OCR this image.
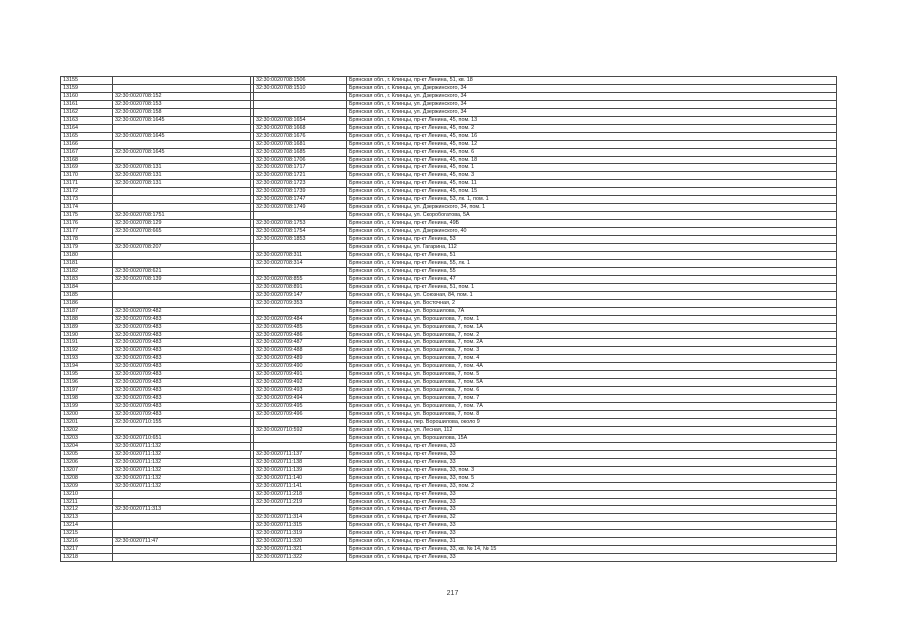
13155			32:30:0020708:1506	Брянская обл., г. Клинцы, пр-кт Ленина, 51, кв. 18
13159			32:30:0020708:1510	Брянская обл., г. Клинцы, ул. Дзержинского, 34
13160	32:30:0020708:152			Брянская обл., г. Клинцы, ул. Дзержинского, 34
13161	32:30:0020708:153			Брянская обл., г. Клинцы, ул. Дзержинского, 34
13162	32:30:0020708:158			Брянская обл., г. Клинцы, ул. Дзержинского, 34
13163	32:30:0020708:1645		32:30:0020708:1654	Брянская обл., г. Клинцы, пр-кт Ленина, 45, пом. 13
13164			32:30:0020708:1668	Брянская обл., г. Клинцы, пр-кт Ленина, 45, пом. 2
13165	32:30:0020708:1645		32:30:0020708:1676	Брянская обл., г. Клинцы, пр-кт Ленина, 45, пом. 16
13166			32:30:0020708:1681	Брянская обл., г. Клинцы, пр-кт Ленина, 45, пом. 12
13167	32:30:0020708:1645		32:30:0020708:1685	Брянская обл., г. Клинцы, пр-кт Ленина, 45, пом. 6
13168			32:30:0020708:1706	Брянская обл., г. Клинцы, пр-кт Ленина, 45, пом. 18
13169	32:30:0020708:131		32:30:0020708:1717	Брянская обл., г. Клинцы, пр-кт Ленина, 45, пом. 1
13170	32:30:0020708:131		32:30:0020708:1721	Брянская обл., г. Клинцы, пр-кт Ленина, 45, пом. 3
13171	32:30:0020708:131		32:30:0020708:1723	Брянская обл., г. Клинцы, пр-кт Ленина, 45, пом. 11
13172			32:30:0020708:1739	Брянская обл., г. Клинцы, пр-кт Ленина, 45, пом. 15
13173			32:30:0020708:1747	Брянская обл., г. Клинцы, пр-кт Ленина, 53, лк. 1, пом. 1
13174			32:30:0020708:1749	Брянская обл., г. Клинцы, ул. Дзержинского, 34, пом. 1
13175	32:30:0020708:1751			Брянская обл., г. Клинцы, ул. Скоробогатова, 5А
13176	32:30:0020708:129		32:30:0020708:1753	Брянская обл., г. Клинцы, пр-кт Ленина, 49Б
13177	32:30:0020708:665		32:30:0020708:1754	Брянская обл., г. Клинцы, ул. Дзержинского, 40
13178			32:30:0020708:1853	Брянская обл., г. Клинцы, пр-кт Ленина, 53
13179	32:30:0020708:207			Брянская обл., г. Клинцы, ул. Гагарина, 112
13180			32:30:0020708:311	Брянская обл., г. Клинцы, пр-кт Ленина, 51
13181			32:30:0020708:314	Брянская обл., г. Клинцы, пр-кт Ленина, 55, лк. 1
13182	32:30:0020708:621			Брянская обл., г. Клинцы, пр-кт Ленина, 55
13183	32:30:0020708:139		32:30:0020708:855	Брянская обл., г. Клинцы, пр-кт Ленина, 47
13184			32:30:0020708:891	Брянская обл., г. Клинцы, пр-кт Ленина, 51, пом. 1
13185			32:30:0020709:147	Брянская обл., г. Клинцы, ул. Союзная, 84, пом. 1
13186			32:30:0020709:353	Брянская обл., г. Клинцы, ул. Восточная, 2
13187	32:30:0020709:482			Брянская обл., г. Клинцы, ул. Ворошилова, 7А
13188	32:30:0020709:483		32:30:0020709:484	Брянская обл., г. Клинцы, ул. Ворошилова, 7, пом. 1
13189	32:30:0020709:483		32:30:0020709:485	Брянская обл., г. Клинцы, ул. Ворошилова, 7, пом. 1А
13190	32:30:0020709:483		32:30:0020709:486	Брянская обл., г. Клинцы, ул. Ворошилова, 7, пом. 2
13191	32:30:0020709:483		32:30:0020709:487	Брянская обл., г. Клинцы, ул. Ворошилова, 7, пом. 2А
13192	32:30:0020709:483		32:30:0020709:488	Брянская обл., г. Клинцы, ул. Ворошилова, 7, пом. 3
13193	32:30:0020709:483		32:30:0020709:489	Брянская обл., г. Клинцы, ул. Ворошилова, 7, пом. 4
13194	32:30:0020709:483		32:30:0020709:490	Брянская обл., г. Клинцы, ул. Ворошилова, 7, пом. 4А
13195	32:30:0020709:483		32:30:0020709:491	Брянская обл., г. Клинцы, ул. Ворошилова, 7, пом. 5
13196	32:30:0020709:483		32:30:0020709:492	Брянская обл., г. Клинцы, ул. Ворошилова, 7, пом. 5А
13197	32:30:0020709:483		32:30:0020709:493	Брянская обл., г. Клинцы, ул. Ворошилова, 7, пом. 6
13198	32:30:0020709:483		32:30:0020709:494	Брянская обл., г. Клинцы, ул. Ворошилова, 7, пом. 7
13199	32:30:0020709:483		32:30:0020709:495	Брянская обл., г. Клинцы, ул. Ворошилова, 7, пом. 7А
13200	32:30:0020709:483		32:30:0020709:496	Брянская обл., г. Клинцы, ул. Ворошилова, 7, пом. 8
13201	32:30:0020710:155			Брянская обл., г. Клинцы, пер. Ворошилова, около 9
13202			32:30:0020710:592	Брянская обл., г. Клинцы, ул. Лесная, 112
13203	32:30:0020710:651			Брянская обл., г. Клинцы, ул. Ворошилова, 15А
13204	32:30:0020711:132			Брянская обл., г. Клинцы, пр-кт Ленина, 33
13205	32:30:0020711:132		32:30:0020711:137	Брянская обл., г. Клинцы, пр-кт Ленина, 33
13206	32:30:0020711:132		32:30:0020711:138	Брянская обл., г. Клинцы, пр-кт Ленина, 33
13207	32:30:0020711:132		32:30:0020711:139	Брянская обл., г. Клинцы, пр-кт Ленина, 33, пом. 3
13208	32:30:0020711:132		32:30:0020711:140	Брянская обл., г. Клинцы, пр-кт Ленина, 33, пом. 5
13209	32:30:0020711:132		32:30:0020711:141	Брянская обл., г. Клинцы, пр-кт Ленина, 33, пом. 2
13210			32:30:0020711:218	Брянская обл., г. Клинцы, пр-кт Ленина, 33
13211			32:30:0020711:219	Брянская обл., г. Клинцы, пр-кт Ленина, 33
13212	32:30:0020711:313			Брянская обл., г. Клинцы, пр-кт Ленина, 33
13213			32:30:0020711:314	Брянская обл., г. Клинцы, пр-кт Ленина, 32
13214			32:30:0020711:315	Брянская обл., г. Клинцы, пр-кт Ленина, 33
13215			32:30:0020711:319	Брянская обл., г. Клинцы, пр-кт Ленина, 33
13216	32:30:0020711:47		32:30:0020711:320	Брянская обл., г. Клинцы, пр-кт Ленина, 31
13217			32:30:0020711:321	Брянская обл., г. Клинцы, пр-кт Ленина, 33, кв. № 14, № 15
13218			32:30:0020711:322	Брянская обл., г. Клинцы, пр-кт Ленина, 33
217
